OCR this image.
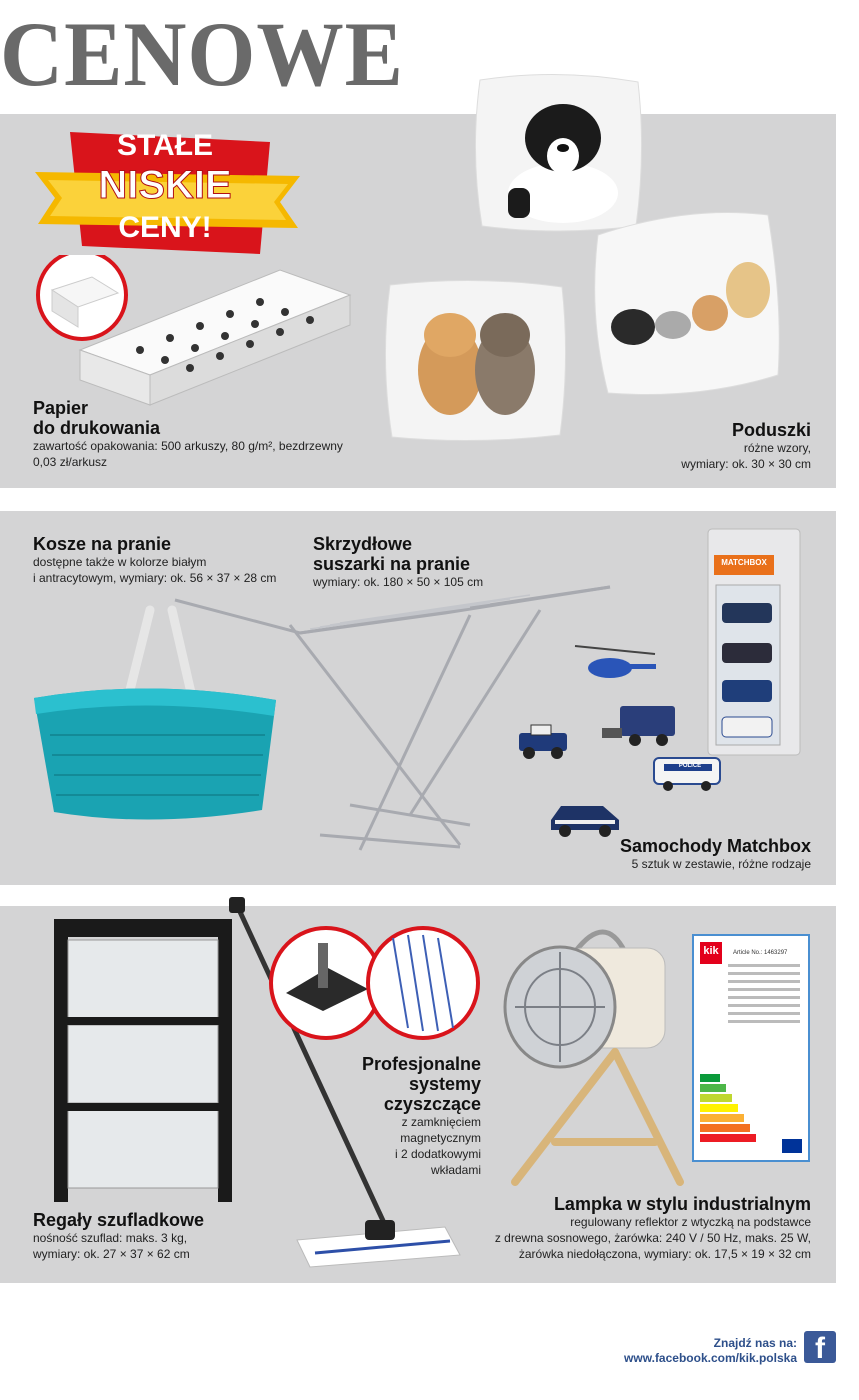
CENOWE
STAŁE
NISKIE
CENY!
Papier
do drukowania
zawartość opakowania: 500 arkuszy, 80 g/m², bezdrzewny
0,03 zł/arkusz
Poduszki
różne wzory,
wymiary: ok. 30 × 30 cm
Kosze na pranie
dostępne także w kolorze białym
i antracytowym, wymiary: ok. 56 × 37 × 28 cm
Skrzydłowe
suszarki na pranie
wymiary: ok. 180 × 50 × 105 cm
MATCHBOX
POLICE
Samochody Matchbox
5 sztuk w zestawie, różne rodzaje
Regały szufladkowe
nośność szuflad: maks. 3 kg,
wymiary: ok. 27 × 37 × 62 cm
Profesjonalne
systemy
czyszczące
z zamknięciem
magnetycznym
i 2 dodatkowymi
wkładami
kik	Article No.: 1463297
Lampka w stylu industrialnym
regulowany reflektor z wtyczką na podstawce
z drewna sosnowego, żarówka: 240 V / 50 Hz, maks. 25 W,
żarówka niedołączona, wymiary: ok. 17,5 × 19 × 32 cm
Znajdź nas na:
www.facebook.com/kik.polska f
